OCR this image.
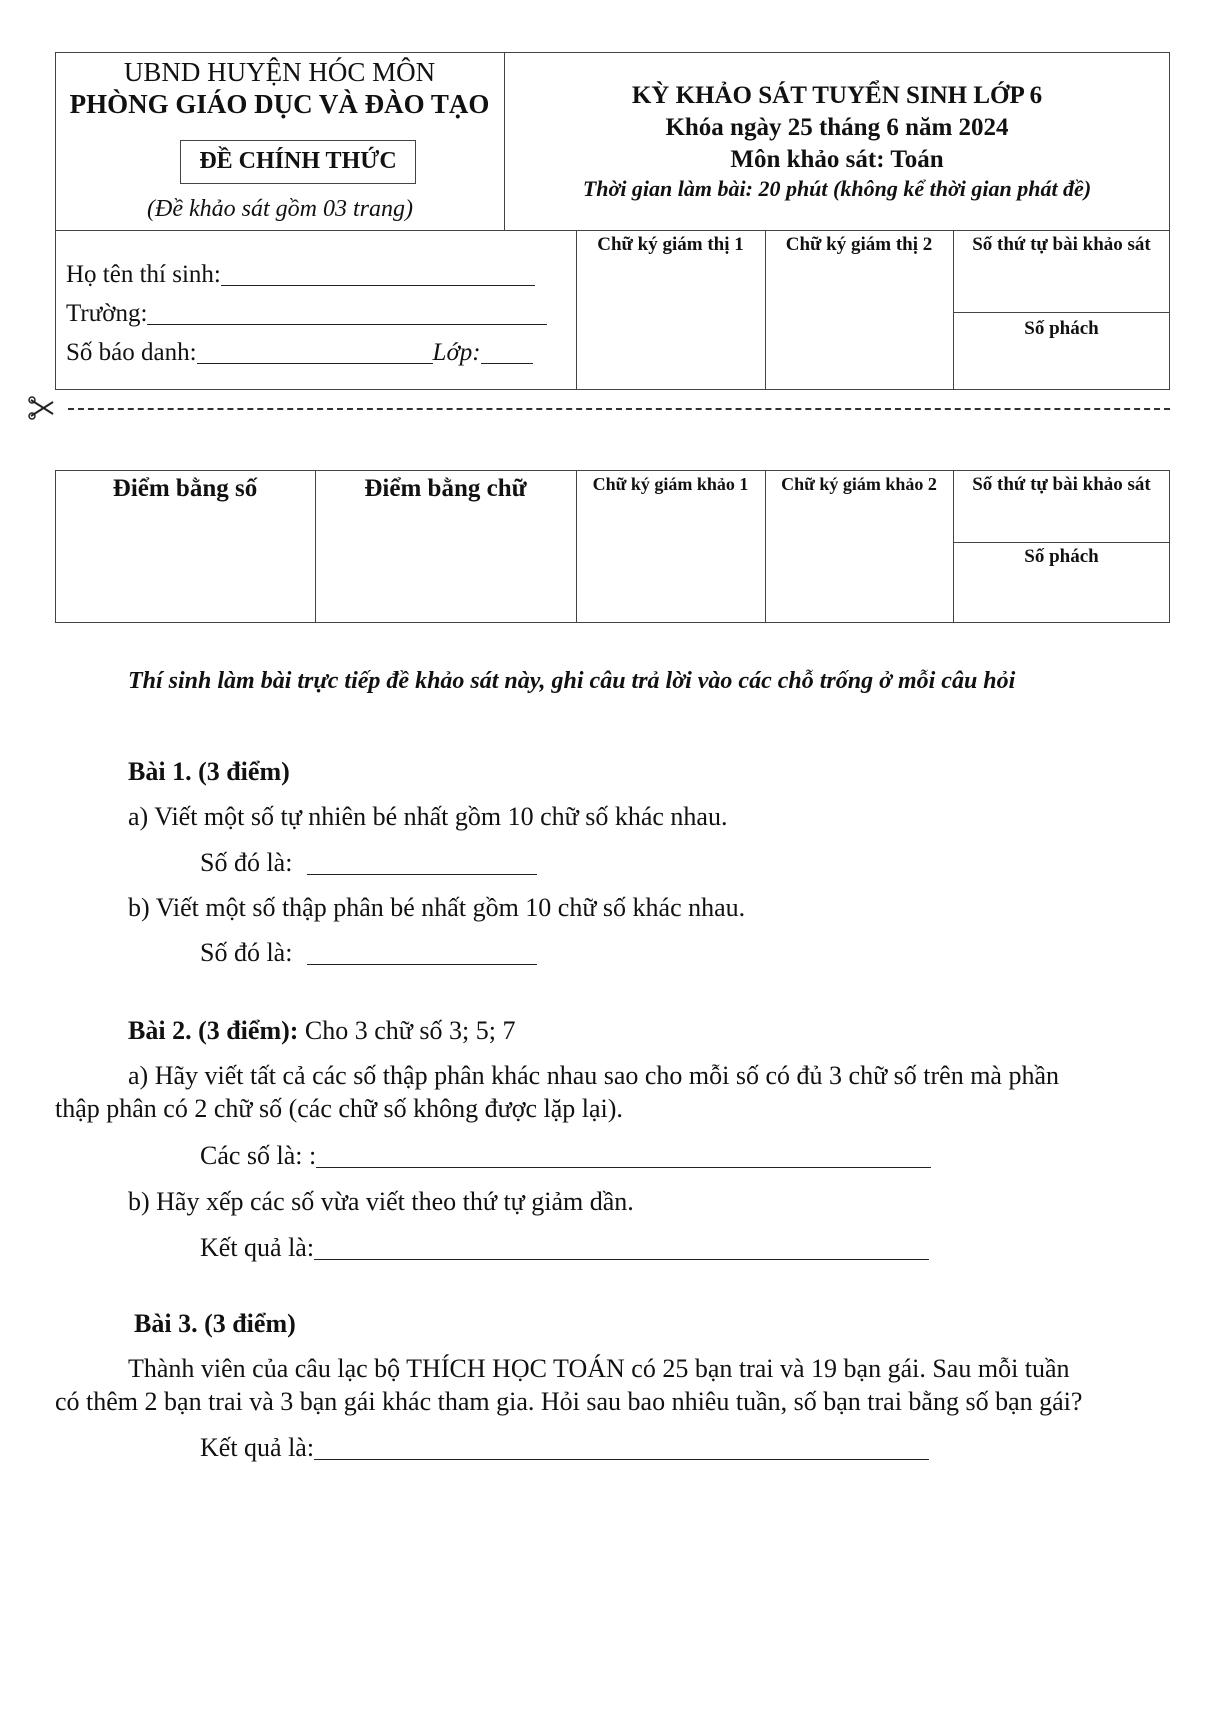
UBND HUYỆN HÓC MÔN
PHÒNG GIÁO DỤC VÀ ĐÀO TẠO
ĐỀ CHÍNH THỨC
(Đề khảo sát gồm 03 trang)
KỲ KHẢO SÁT TUYỂN SINH LỚP 6
Khóa ngày 25 tháng 6 năm 2024
Môn khảo sát: Toán
Thời gian làm bài: 20 phút (không kể thời gian phát đề)
Họ tên thí sinh:
Trường:
Số báo danh:	Lớp:
Chữ ký giám thị 1	Chữ ký giám thị 2	Số thứ tự bài khảo sát
Số phách
Điểm bằng số	Điểm bằng chữ	Chữ ký giám khảo 1	Chữ ký giám khảo 2	Số thứ tự bài khảo sát
Số phách
Thí sinh làm bài trực tiếp đề khảo sát này, ghi câu trả lời vào các chỗ trống ở mỗi câu hỏi
Bài 1. (3 điểm)
a) Viết một số tự nhiên bé nhất gồm 10 chữ số khác nhau.
Số đó là:
b) Viết một số thập phân bé nhất gồm 10 chữ số khác nhau.
Số đó là:
Bài 2. (3 điểm): Cho 3 chữ số 3; 5; 7
a) Hãy viết tất cả các số thập phân khác nhau sao cho mỗi số có đủ 3 chữ số trên mà phần
thập phân có 2 chữ số (các chữ số không được lặp lại).
Các số là: :
b) Hãy xếp các số vừa viết theo thứ tự giảm dần.
Kết quả là:
Bài 3. (3 điểm)
Thành viên của câu lạc bộ THÍCH HỌC TOÁN có 25 bạn trai và 19 bạn gái. Sau mỗi tuần
có thêm 2 bạn trai và 3 bạn gái khác tham gia. Hỏi sau bao nhiêu tuần, số bạn trai bằng số bạn gái?
Kết quả là:
